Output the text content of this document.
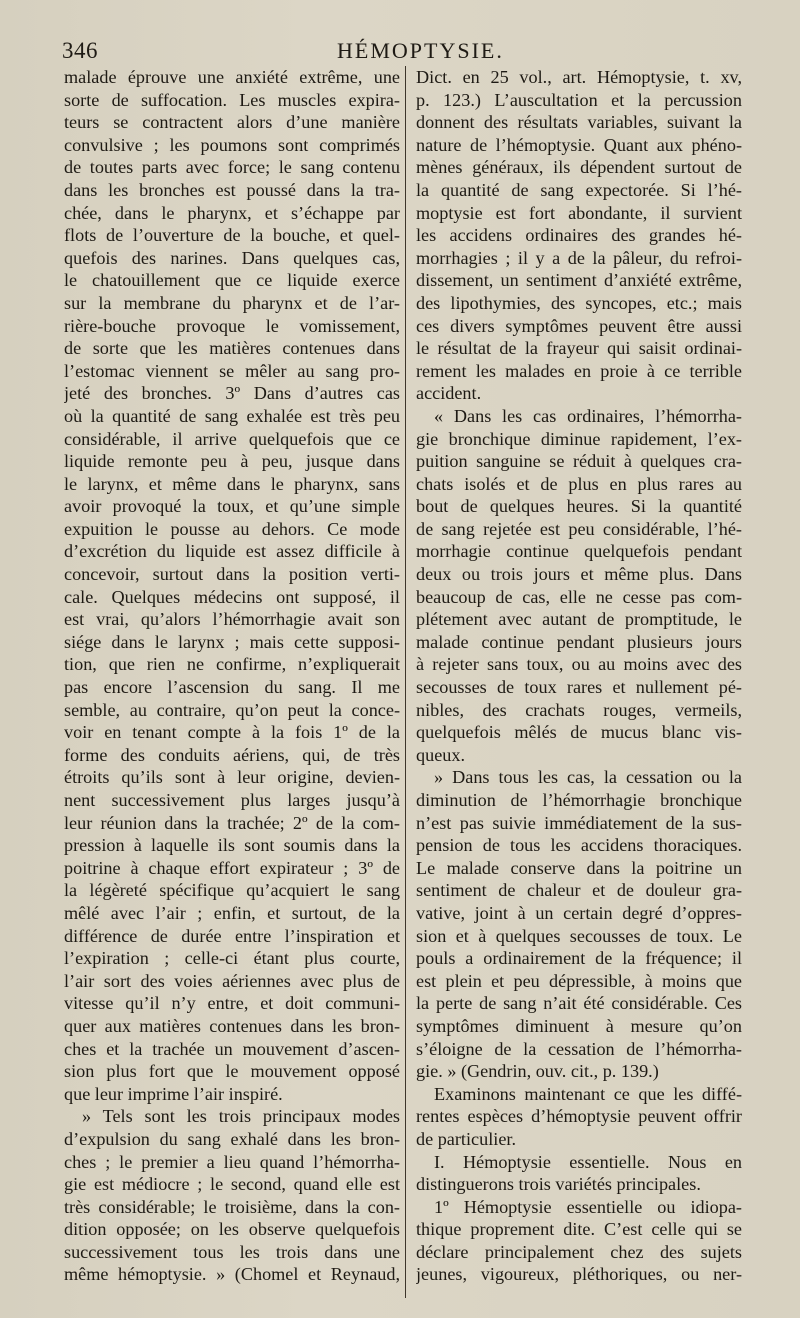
346	HÉMOPTYSIE.
malade éprouve une anxiété extrême, une
sorte de suffocation. Les muscles expira-
teurs se contractent alors d’une manière
convulsive ; les poumons sont comprimés
de toutes parts avec force; le sang contenu
dans les bronches est poussé dans la tra-
chée, dans le pharynx, et s’échappe par
flots de l’ouverture de la bouche, et quel-
quefois des narines. Dans quelques cas,
le chatouillement que ce liquide exerce
sur la membrane du pharynx et de l’ar-
rière-bouche provoque le vomissement,
de sorte que les matières contenues dans
l’estomac viennent se mêler au sang pro-
jeté des bronches. 3º Dans d’autres cas
où la quantité de sang exhalée est très peu
considérable, il arrive quelquefois que ce
liquide remonte peu à peu, jusque dans
le larynx, et même dans le pharynx, sans
avoir provoqué la toux, et qu’une simple
expuition le pousse au dehors. Ce mode
d’excrétion du liquide est assez difficile à
concevoir, surtout dans la position verti-
cale. Quelques médecins ont supposé, il
est vrai, qu’alors l’hémorrhagie avait son
siége dans le larynx ; mais cette supposi-
tion, que rien ne confirme, n’expliquerait
pas encore l’ascension du sang. Il me
semble, au contraire, qu’on peut la conce-
voir en tenant compte à la fois 1º de la
forme des conduits aériens, qui, de très
étroits qu’ils sont à leur origine, devien-
nent successivement plus larges jusqu’à
leur réunion dans la trachée; 2º de la com-
pression à laquelle ils sont soumis dans la
poitrine à chaque effort expirateur ; 3º de
la légèreté spécifique qu’acquiert le sang
mêlé avec l’air ; enfin, et surtout, de la
différence de durée entre l’inspiration et
l’expiration ; celle-ci étant plus courte,
l’air sort des voies aériennes avec plus de
vitesse qu’il n’y entre, et doit communi-
quer aux matières contenues dans les bron-
ches et la trachée un mouvement d’ascen-
sion plus fort que le mouvement opposé
que leur imprime l’air inspiré.
» Tels sont les trois principaux modes
d’expulsion du sang exhalé dans les bron-
ches ; le premier a lieu quand l’hémorrha-
gie est médiocre ; le second, quand elle est
très considérable; le troisième, dans la con-
dition opposée; on les observe quelquefois
successivement tous les trois dans une
même hémoptysie. » (Chomel et Reynaud,
Dict. en 25 vol., art. Hémoptysie, t. xv,
p. 123.) L’auscultation et la percussion
donnent des résultats variables, suivant la
nature de l’hémoptysie. Quant aux phéno-
mènes généraux, ils dépendent surtout de
la quantité de sang expectorée. Si l’hé-
moptysie est fort abondante, il survient
les accidens ordinaires des grandes hé-
morrhagies ; il y a de la pâleur, du refroi-
dissement, un sentiment d’anxiété extrême,
des lipothymies, des syncopes, etc.; mais
ces divers symptômes peuvent être aussi
le résultat de la frayeur qui saisit ordinai-
rement les malades en proie à ce terrible
accident.
« Dans les cas ordinaires, l’hémorrha-
gie bronchique diminue rapidement, l’ex-
puition sanguine se réduit à quelques cra-
chats isolés et de plus en plus rares au
bout de quelques heures. Si la quantité
de sang rejetée est peu considérable, l’hé-
morrhagie continue quelquefois pendant
deux ou trois jours et même plus. Dans
beaucoup de cas, elle ne cesse pas com-
plétement avec autant de promptitude, le
malade continue pendant plusieurs jours
à rejeter sans toux, ou au moins avec des
secousses de toux rares et nullement pé-
nibles, des crachats rouges, vermeils,
quelquefois mêlés de mucus blanc vis-
queux.
» Dans tous les cas, la cessation ou la
diminution de l’hémorrhagie bronchique
n’est pas suivie immédiatement de la sus-
pension de tous les accidens thoraciques.
Le malade conserve dans la poitrine un
sentiment de chaleur et de douleur gra-
vative, joint à un certain degré d’oppres-
sion et à quelques secousses de toux. Le
pouls a ordinairement de la fréquence; il
est plein et peu dépressible, à moins que
la perte de sang n’ait été considérable. Ces
symptômes diminuent à mesure qu’on
s’éloigne de la cessation de l’hémorrha-
gie. » (Gendrin, ouv. cit., p. 139.)
Examinons maintenant ce que les diffé-
rentes espèces d’hémoptysie peuvent offrir
de particulier.
I. Hémoptysie essentielle. Nous en
distinguerons trois variétés principales.
1º Hémoptysie essentielle ou idiopa-
thique proprement dite. C’est celle qui se
déclare principalement chez des sujets
jeunes, vigoureux, pléthoriques, ou ner-
